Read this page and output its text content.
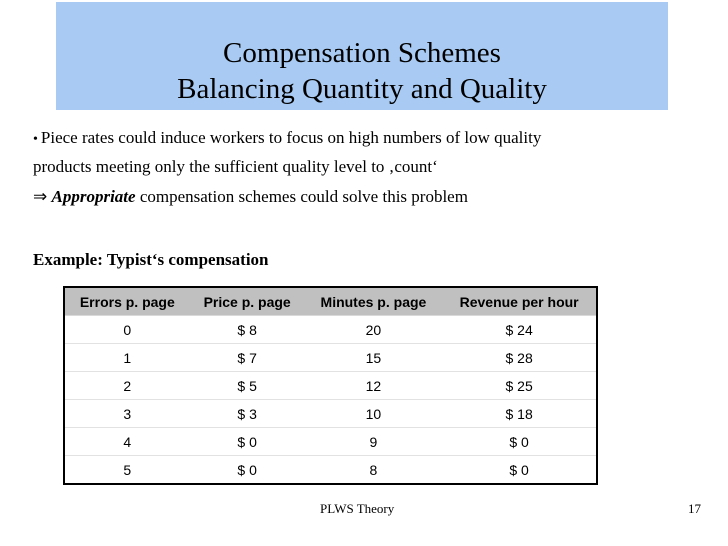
Compensation Schemes
Balancing Quantity and Quality
• Piece rates could induce workers to focus on high numbers of low quality
products meeting only the sufficient quality level to ‚count‘
⇒ Appropriate compensation schemes could solve this problem
Example: Typist‘s compensation
Errors p. page	Price p. page	Minutes p. page	Revenue per hour
0	$ 8	20	$ 24
1	$ 7	15	$ 28
2	$ 5	12	$ 25
3	$ 3	10	$ 18
4	$ 0	9	$ 0
5	$ 0	8	$ 0
PLWS Theory	17
